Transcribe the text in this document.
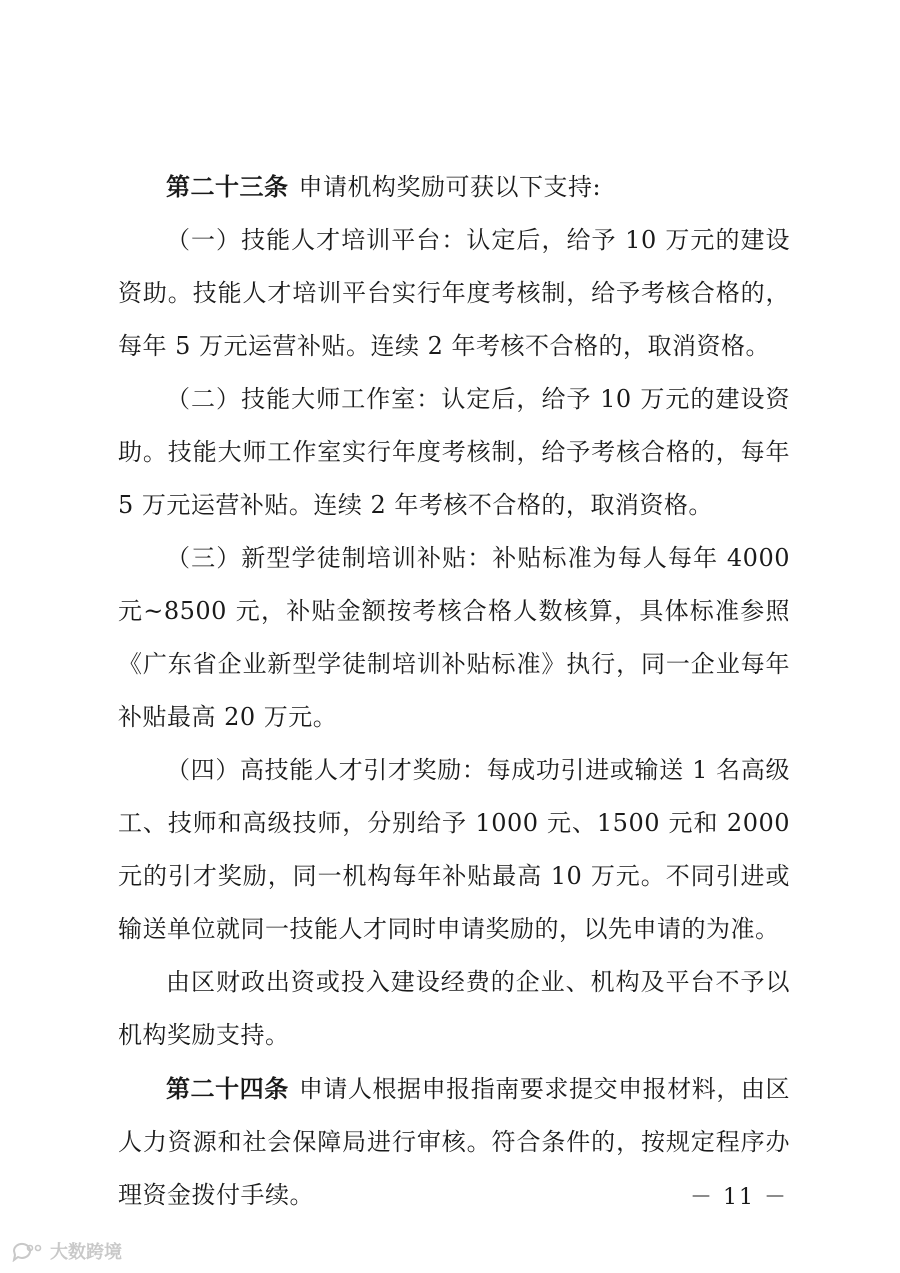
第二十三条 申请机构奖励可获以下支持:

（一）技能人才培训平台：认定后，给予 10 万元的建设资助。技能人才培训平台实行年度考核制，给予考核合格的，每年 5 万元运营补贴。连续 2 年考核不合格的，取消资格。

（二）技能大师工作室：认定后，给予 10 万元的建设资助。技能大师工作室实行年度考核制，给予考核合格的，每年 5 万元运营补贴。连续 2 年考核不合格的，取消资格。

（三）新型学徒制培训补贴：补贴标准为每人每年 4000 元~8500 元，补贴金额按考核合格人数核算，具体标准参照《广东省企业新型学徒制培训补贴标准》执行，同一企业每年补贴最高 20 万元。

（四）高技能人才引才奖励：每成功引进或输送 1 名高级工、技师和高级技师，分别给予 1000 元、1500 元和 2000 元的引才奖励，同一机构每年补贴最高 10 万元。不同引进或输送单位就同一技能人才同时申请奖励的，以先申请的为准。

由区财政出资或投入建设经费的企业、机构及平台不予以机构奖励支持。

第二十四条 申请人根据申报指南要求提交申报材料，由区人力资源和社会保障局进行审核。符合条件的，按规定程序办理资金拨付手续。	－ 11 －
大数跨境
